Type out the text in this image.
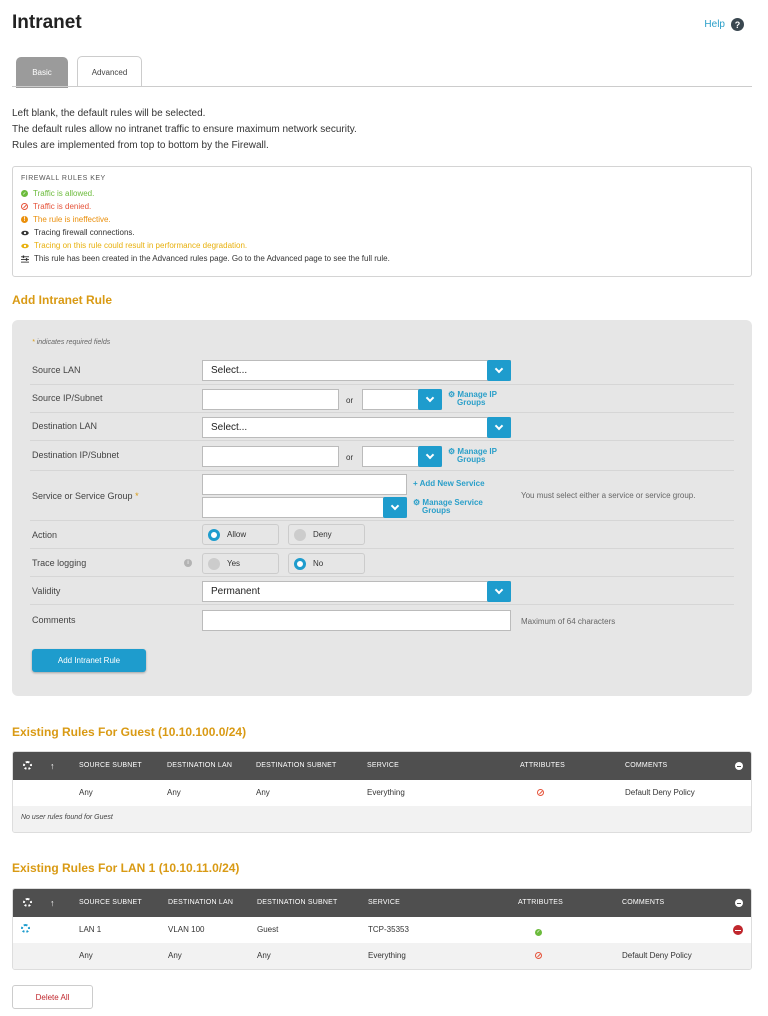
Intranet	Help	?
Basic	Advanced
Left blank, the default rules will be selected.
The default rules allow no intranet traffic to ensure maximum network security.
Rules are implemented from top to bottom by the Firewall.
FIREWALL RULES KEY
✓ Traffic is allowed.
Traffic is denied.
! The rule is ineffective.
Tracing firewall connections.
Tracing on this rule could result in performance degradation.
This rule has been created in the Advanced rules page. Go to the Advanced page to see the full rule.
Add Intranet Rule
* indicates required fields
Source LAN	Select...
Source IP/Subnet	or
⚙ Manage IP
Groups
Destination LAN	Select...
Destination IP/Subnet	or
⚙ Manage IP
Groups
Service or Service Group *
+ Add New Service
⚙ Manage Service
Groups
You must select either a service or service group.
Action	Allow	Deny
Trace logging	i	Yes	No
Validity	Permanent
Comments	Maximum of 64 characters
Add Intranet Rule
Existing Rules For Guest (10.10.100.0/24)
↑	SOURCE SUBNET	DESTINATION LAN	DESTINATION SUBNET	SERVICE	ATTRIBUTES	COMMENTS
Any	Any	Any	Everything	Default Deny Policy
No user rules found for Guest
Existing Rules For LAN 1 (10.10.11.0/24)
↑	SOURCE SUBNET	DESTINATION LAN	DESTINATION SUBNET	SERVICE	ATTRIBUTES	COMMENTS
LAN 1	VLAN 100	Guest	TCP-35353	✓
Any	Any	Any	Everything	Default Deny Policy
Delete All
